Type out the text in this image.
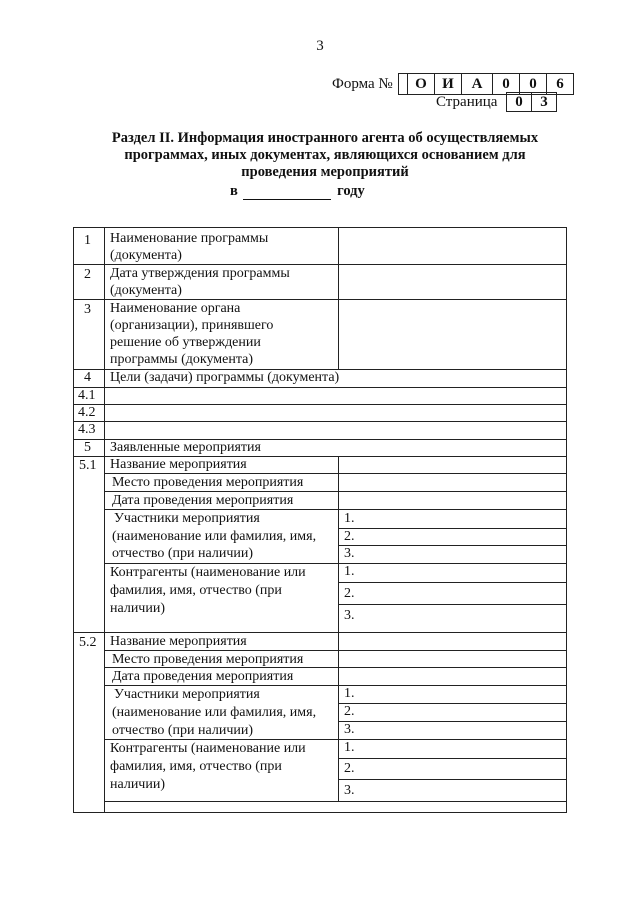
3
Форма №	О	И	А	0	0	6
Страница	0	3
Раздел II. Информация иностранного агента об осуществляемых
программах, иных документах, являющихся основанием для
проведения мероприятий
в	году
1 Наименование программы
(документа)
2 Дата утверждения программы
(документа)
3 Наименование органа
(организации), принявшего
решение об утверждении
программы (документа)
4 Цели (задачи) программы (документа)
4.1
4.2
4.3
5 Заявленные мероприятия
5.1 Название мероприятия
Место проведения мероприятия
Дата проведения мероприятия
Участники мероприятия
(наименование или фамилия, имя,
отчество (при наличии)
1.
2.
3.
Контрагенты (наименование или
фамилия, имя, отчество (при
наличии)
1.
2.
3.
5.2 Название мероприятия
Место проведения мероприятия
Дата проведения мероприятия
Участники мероприятия
(наименование или фамилия, имя,
отчество (при наличии)
1.
2.
3.
Контрагенты (наименование или
фамилия, имя, отчество (при
наличии)
1.
2.
3.
